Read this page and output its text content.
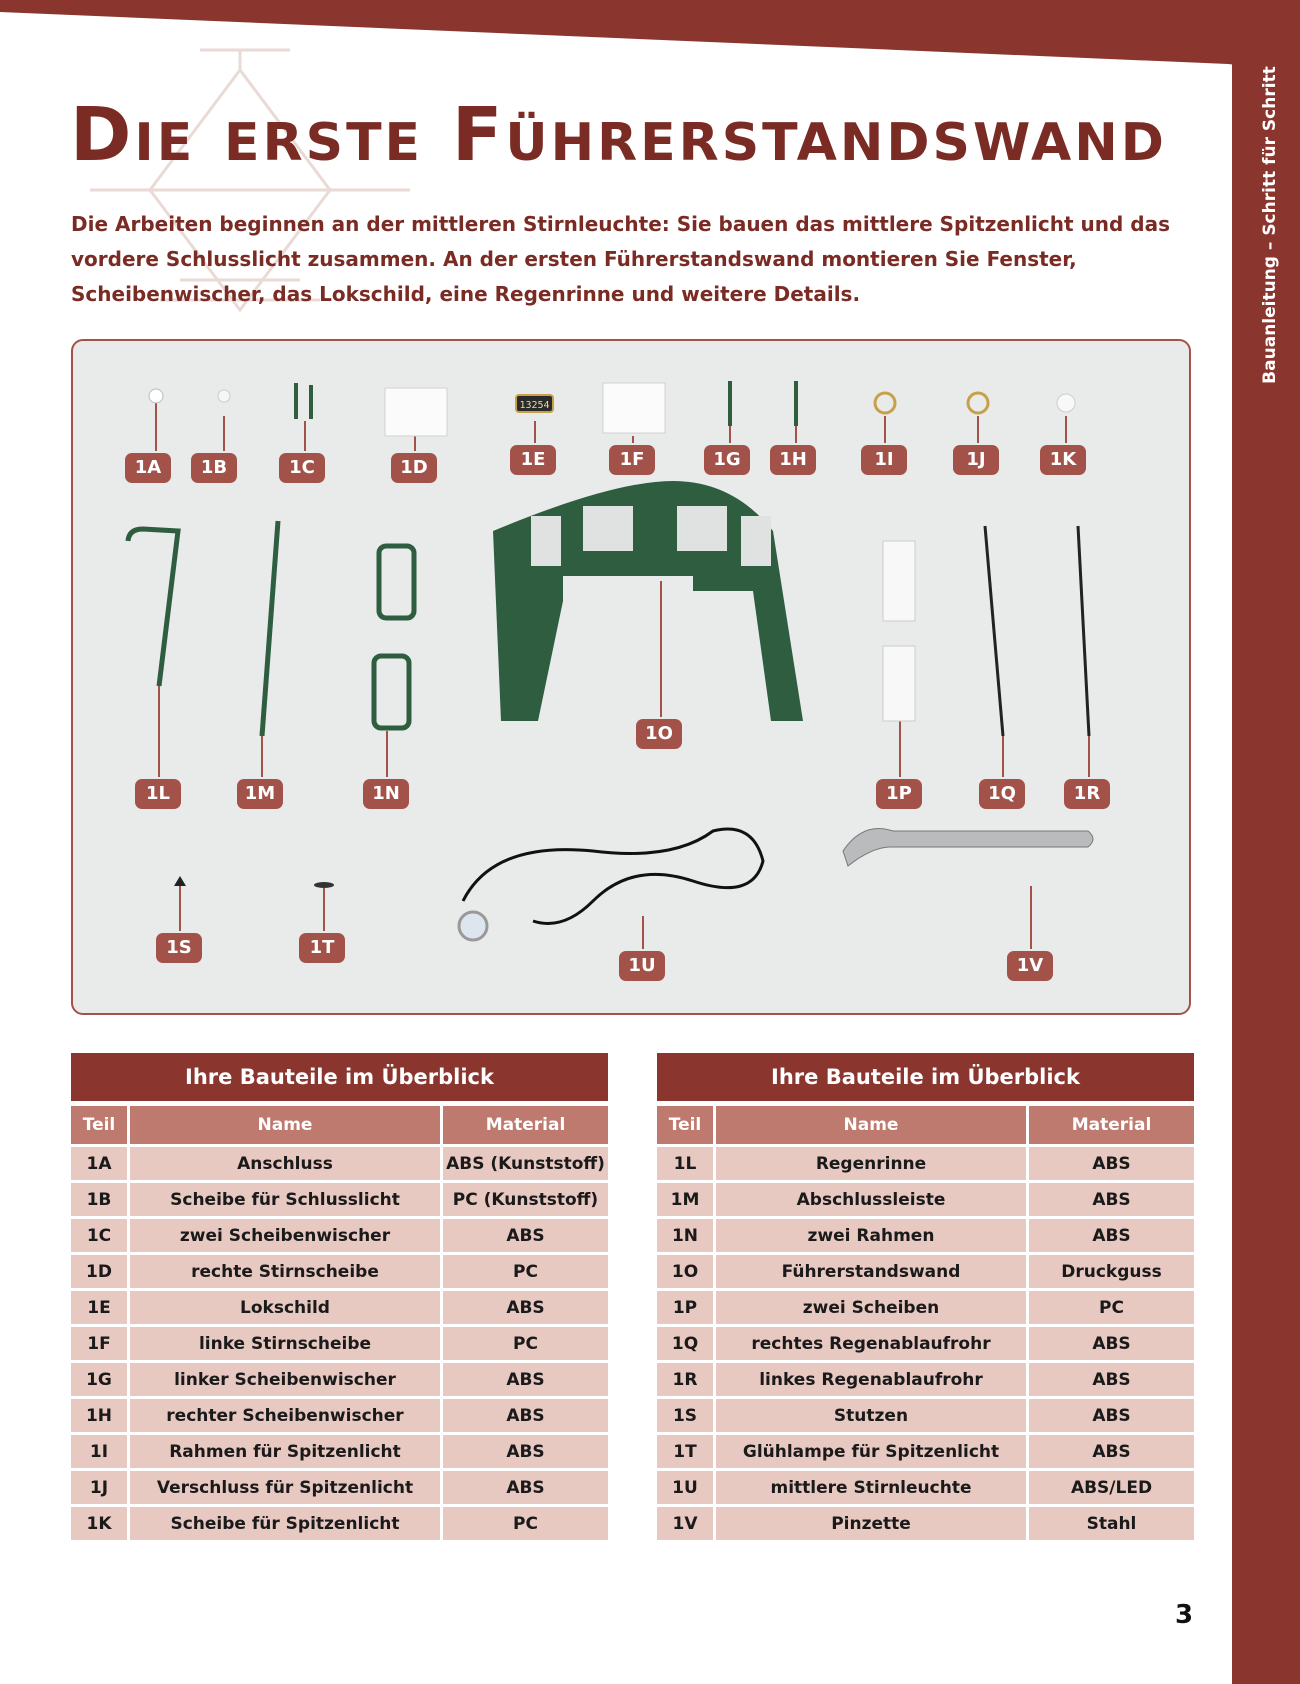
Bauanleitung – Schritt für Schritt
Die erste Führerstandswand

Die Arbeiten beginnen an der mittleren Stirnleuchte: Sie bauen das mittlere Spitzenlicht und das vordere Schlusslicht zusammen. An der ersten Führerstandswand montieren Sie Fenster, Scheibenwischer, das Lokschild, eine Regenrinne und weitere Details.

13254
1A	1B	1C	1D	1E	1F	1G	1H	1I	1J	1K
1L	1M	1N
1O
1P	1Q	1R
1S	1T
1U	1V
Ihre Bauteile im Überblick
Teil	Name	Material
1A	Anschluss	ABS (Kunststoff)
1B	Scheibe für Schlusslicht	PC (Kunststoff)
1C	zwei Scheibenwischer	ABS
1D	rechte Stirnscheibe	PC
1E	Lokschild	ABS
1F	linke Stirnscheibe	PC
1G	linker Scheibenwischer	ABS
1H	rechter Scheibenwischer	ABS
1I	Rahmen für Spitzenlicht	ABS
1J	Verschluss für Spitzenlicht	ABS
1K	Scheibe für Spitzenlicht	PC
Ihre Bauteile im Überblick
Teil	Name	Material
1L	Regenrinne	ABS
1M	Abschlussleiste	ABS
1N	zwei Rahmen	ABS
1O	Führerstandswand	Druckguss
1P	zwei Scheiben	PC
1Q	rechtes Regenablaufrohr	ABS
1R	linkes Regenablaufrohr	ABS
1S	Stutzen	ABS
1T	Glühlampe für Spitzenlicht	ABS
1U	mittlere Stirnleuchte	ABS/LED
1V	Pinzette	Stahl
3
